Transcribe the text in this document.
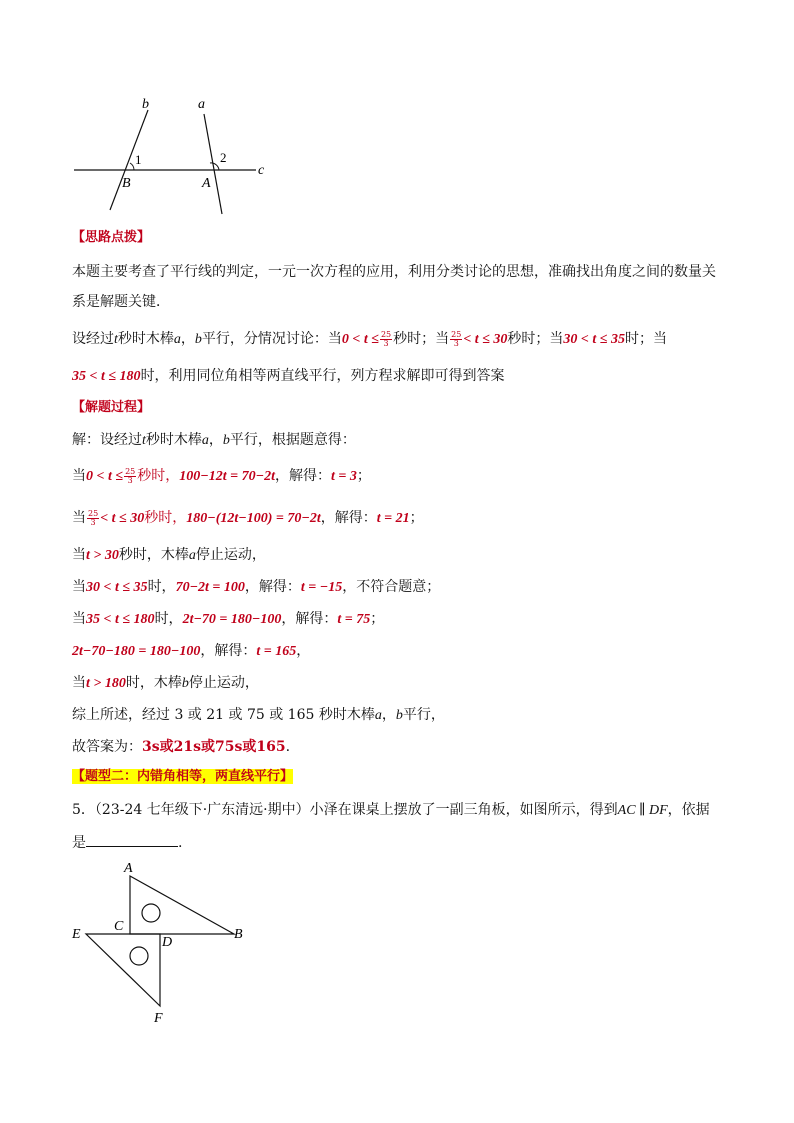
b	a
c
B	A
1	2
【思路点拨】
本题主要考查了平行线的判定，一元一次方程的应用，利用分类讨论的思想，准确找出角度之间的数量关
系是解题关键．
设经过t秒时木棒a，b平行，分情况讨论：当$0 < t \le \frac{25}{3}$ 秒时；当 $\frac{25}{3} < t \le 30$秒时；当30 < t ≤ 35时；当
35 < t ≤ 180时，利用同位角相等两直线平行，列方程求解即可得到答案
【解题过程】
解：设经过t秒时木棒a，b平行，根据题意得：
当$0 < t \le \frac{25}{3}$ 秒时，100−12t = 70−2t，解得：t = 3；
当 $\frac{25}{3} < t \le 30$秒时，180−(12t−100) = 70−2t，解得：t = 21；
当t > 30秒时，木棒a停止运动，
当30 < t ≤ 35时，70−2t = 100，解得：t = −15，不符合题意；
当35 < t ≤ 180时，2t−70 = 180−100，解得：t = 75；
2t−70−180 = 180−100，解得：t = 165，
当t > 180时，木棒b停止运动，
综上所述，经过 3 或 21 或 75 或 165 秒时木棒a，b平行，
故答案为：3s或21s或75s或165.
【题型二：内错角相等，两直线平行】
5．（23-24 七年级下·广东清远·期中）小泽在课桌上摆放了一副三角板，如图所示，得到AC ∥ DF，依据
是	.
A
C
E
D
B
F
